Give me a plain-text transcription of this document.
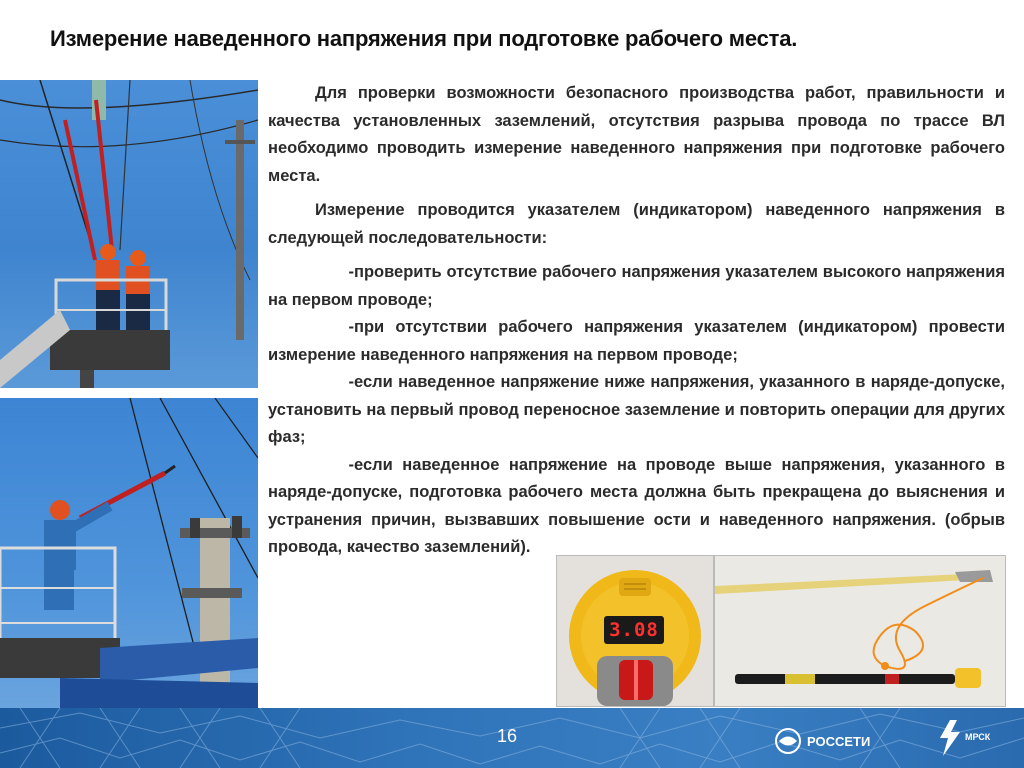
Измерение наведенного напряжения при подготовке рабочего места.

Для проверки возможности безопасного производства работ, правильности и качества установленных заземлений, отсутствия разрыва провода по трассе ВЛ необходимо проводить измерение наведенного напряжения при подготовке рабочего места.

Измерение проводится указателем (индикатором) наведенного напряжения в следующей последовательности:

-проверить отсутствие рабочего напряжения указателем высокого напряжения на первом проводе;

-при отсутствии рабочего напряжения указателем (индикатором) провести измерение наведенного напряжения на первом проводе;

-если наведенное напряжение ниже напряжения, указанного в наряде-допуске, установить на первый провод переносное заземление и повторить операции для других фаз;

-если наведенное напряжение на проводе выше напряжения, указанного в наряде-допуске, подготовка рабочего места должна быть прекращена до выяснения и устранения причин, вызвавших повышение ости и наведенного напряжения. (обрыв провода, качество заземлений).

3.08
16	РОССЕТИ	МРСК
